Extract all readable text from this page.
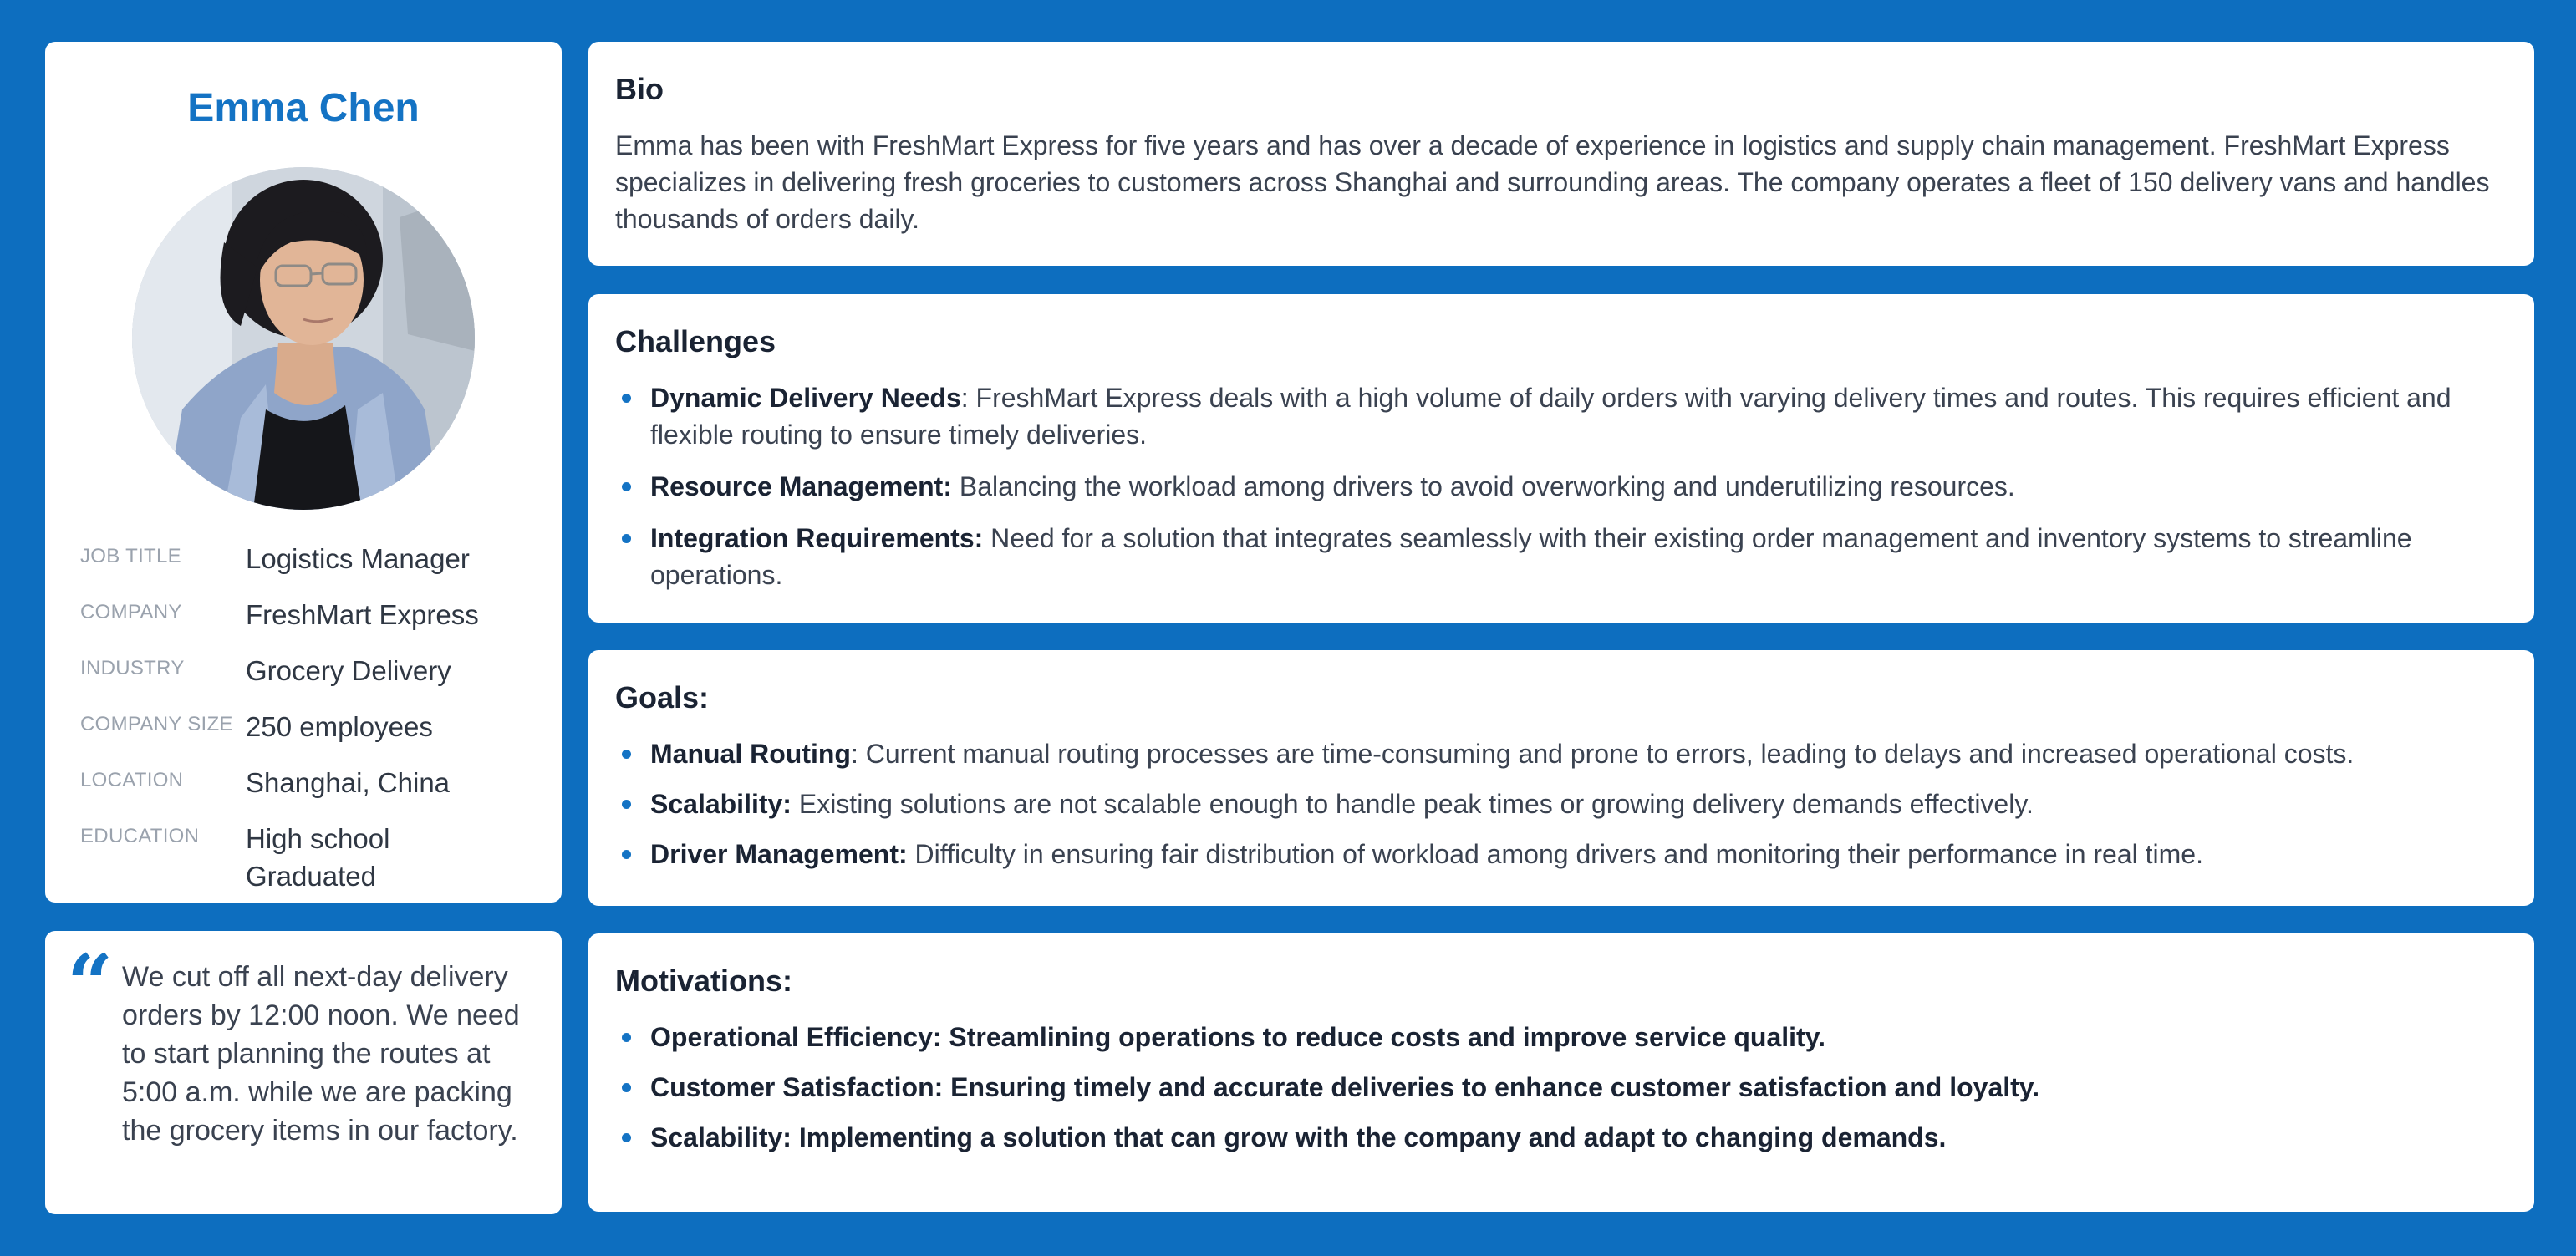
Emma Chen
JOB TITLE	Logistics Manager
COMPANY	FreshMart Express
INDUSTRY	Grocery Delivery
COMPANY SIZE 250 employees
LOCATION	Shanghai, China
EDUCATION	High school Graduated
“ We cut off all next-day delivery orders by 12:00 noon. We need to start planning the routes at 5:00 a.m. while we are packing the grocery items in our factory.
Bio
Emma has been with FreshMart Express for five years and has over a decade of experience in logistics and supply chain management. FreshMart Express specializes in delivering fresh groceries to customers across Shanghai and surrounding areas. The company operates a fleet of 150 delivery vans and handles thousands of orders daily.
Challenges
Dynamic Delivery Needs: FreshMart Express deals with a high volume of daily orders with varying delivery times and routes. This requires efficient and flexible routing to ensure timely deliveries.
Resource Management: Balancing the workload among drivers to avoid overworking and underutilizing resources.
Integration Requirements: Need for a solution that integrates seamlessly with their existing order management and inventory systems to streamline operations.
Goals:
Manual Routing: Current manual routing processes are time-consuming and prone to errors, leading to delays and increased operational costs.
Scalability: Existing solutions are not scalable enough to handle peak times or growing delivery demands effectively.
Driver Management: Difficulty in ensuring fair distribution of workload among drivers and monitoring their performance in real time.
Motivations:
Operational Efficiency: Streamlining operations to reduce costs and improve service quality.
Customer Satisfaction: Ensuring timely and accurate deliveries to enhance customer satisfaction and loyalty.
Scalability: Implementing a solution that can grow with the company and adapt to changing demands.
